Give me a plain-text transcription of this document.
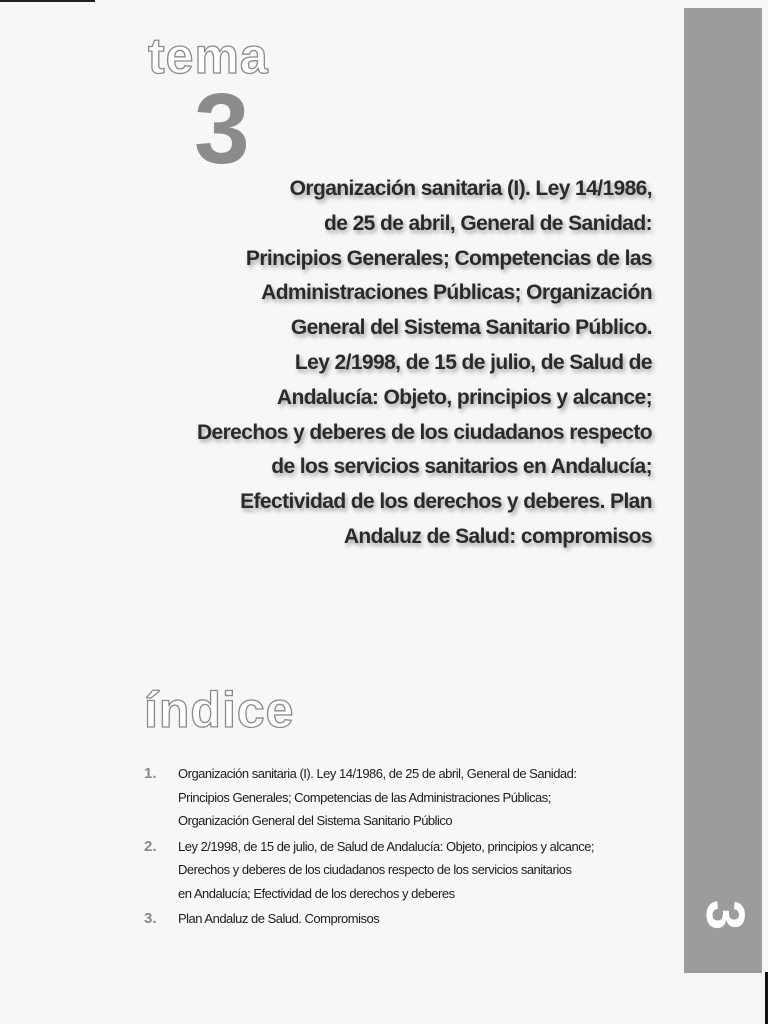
3
tema
3
Organización sanitaria (I). Ley 14/1986,
de 25 de abril, General de Sanidad:
Principios Generales; Competencias de las
Administraciones Públicas; Organización
General del Sistema Sanitario Público.
Ley 2/1998, de 15 de julio, de Salud de
Andalucía: Objeto, principios y alcance;
Derechos y deberes de los ciudadanos respecto
de los servicios sanitarios en Andalucía;
Efectividad de los derechos y deberes. Plan
Andaluz de Salud: compromisos
índice
1. Organización sanitaria (I). Ley 14/1986, de 25 de abril, General de Sanidad:
Principios Generales; Competencias de las Administraciones Públicas;
Organización General del Sistema Sanitario Público
2. Ley 2/1998, de 15 de julio, de Salud de Andalucía: Objeto, principios y alcance;
Derechos y deberes de los ciudadanos respecto de los servicios sanitarios
en Andalucía; Efectividad de los derechos y deberes
3. Plan Andaluz de Salud. Compromisos
